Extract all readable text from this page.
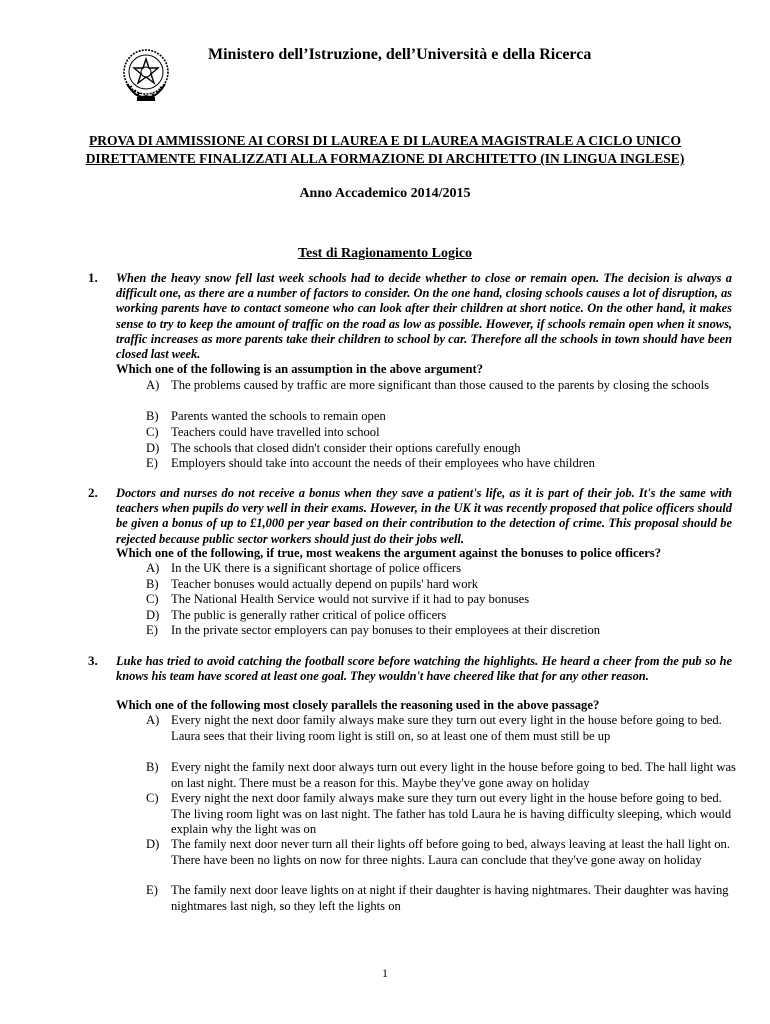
Ministero dell’Istruzione, dell’Università e della Ricerca
PROVA DI AMMISSIONE AI CORSI DI LAUREA E DI LAUREA MAGISTRALE A CICLO UNICO
DIRETTAMENTE FINALIZZATI ALLA FORMAZIONE DI ARCHITETTO (IN LINGUA INGLESE)
Anno Accademico 2014/2015
Test di Ragionamento Logico
1. When the heavy snow fell last week schools had to decide whether to close or remain open. The decision is always a difficult one, as there are a number of factors to consider. On the one hand, closing schools causes a lot of disruption, as working parents have to contact someone who can look after their children at short notice. On the other hand, it makes sense to try to keep the amount of traffic on the road as low as possible. However, if schools remain open when it snows, traffic increases as more parents take their children to school by car. Therefore all the schools in town should have been closed last week.
Which one of the following is an assumption in the above argument?
A) The problems caused by traffic are more significant than those caused to the parents by closing the schools
B) Parents wanted the schools to remain open
C) Teachers could have travelled into school
D) The schools that closed didn't consider their options carefully enough
E) Employers should take into account the needs of their employees who have children
2. Doctors and nurses do not receive a bonus when they save a patient's life, as it is part of their job. It's the same with teachers when pupils do very well in their exams. However, in the UK it was recently proposed that police officers should be given a bonus of up to £1,000 per year based on their contribution to the detection of crime. This proposal should be rejected because public sector workers should just do their jobs well.
Which one of the following, if true, most weakens the argument against the bonuses to police officers?
A) In the UK there is a significant shortage of police officers
B) Teacher bonuses would actually depend on pupils' hard work
C) The National Health Service would not survive if it had to pay bonuses
D) The public is generally rather critical of police officers
E) In the private sector employers can pay bonuses to their employees at their discretion
3. Luke has tried to avoid catching the football score before watching the highlights. He heard a cheer from the pub so he knows his team have scored at least one goal. They wouldn't have cheered like that for any other reason.
Which one of the following most closely parallels the reasoning used in the above passage?
A) Every night the next door family always make sure they turn out every light in the house before going to bed. Laura sees that their living room light is still on, so at least one of them must still be up
B) Every night the family next door always turn out every light in the house before going to bed. The hall light was on last night. There must be a reason for this. Maybe they've gone away on holiday
C) Every night the next door family always make sure they turn out every light in the house before going to bed. The living room light was on last night. The father has told Laura he is having difficulty sleeping, which would explain why the light was on
D) The family next door never turn all their lights off before going to bed, always leaving at least the hall light on. There have been no lights on now for three nights. Laura can conclude that they've gone away on holiday
E) The family next door leave lights on at night if their daughter is having nightmares. Their daughter was having nightmares last nigh, so they left the lights on
1
